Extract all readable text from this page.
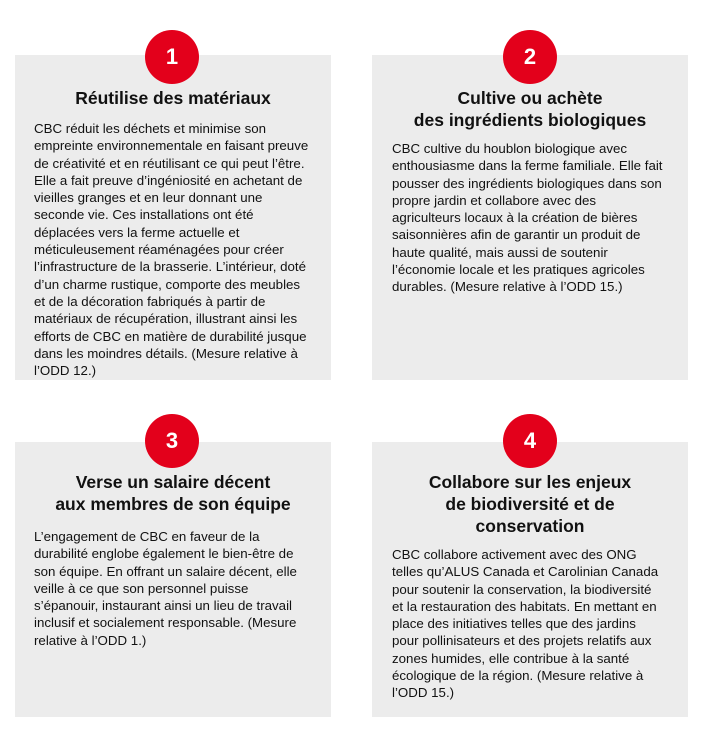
1
Réutilise des matériaux
CBC réduit les déchets et minimise son
empreinte environnementale en faisant preuve
de créativité et en réutilisant ce qui peut l’être.
Elle a fait preuve d’ingéniosité en achetant de
vieilles granges et en leur donnant une
seconde vie. Ces installations ont été
déplacées vers la ferme actuelle et
méticuleusement réaménagées pour créer
l’infrastructure de la brasserie. L’intérieur, doté
d’un charme rustique, comporte des meubles
et de la décoration fabriqués à partir de
matériaux de récupération, illustrant ainsi les
efforts de CBC en matière de durabilité jusque
dans les moindres détails. (Mesure relative à
l’ODD 12.)
2
Cultive ou achète
des ingrédients biologiques
CBC cultive du houblon biologique avec
enthousiasme dans la ferme familiale. Elle fait
pousser des ingrédients biologiques dans son
propre jardin et collabore avec des
agriculteurs locaux à la création de bières
saisonnières afin de garantir un produit de
haute qualité, mais aussi de soutenir
l’économie locale et les pratiques agricoles
durables. (Mesure relative à l’ODD 15.)
3
Verse un salaire décent
aux membres de son équipe
L’engagement de CBC en faveur de la
durabilité englobe également le bien-être de
son équipe. En offrant un salaire décent, elle
veille à ce que son personnel puisse
s’épanouir, instaurant ainsi un lieu de travail
inclusif et socialement responsable. (Mesure
relative à l’ODD 1.)
4
Collabore sur les enjeux
de biodiversité et de
conservation
CBC collabore activement avec des ONG
telles qu’ALUS Canada et Carolinian Canada
pour soutenir la conservation, la biodiversité
et la restauration des habitats. En mettant en
place des initiatives telles que des jardins
pour pollinisateurs et des projets relatifs aux
zones humides, elle contribue à la santé
écologique de la région. (Mesure relative à
l’ODD 15.)
